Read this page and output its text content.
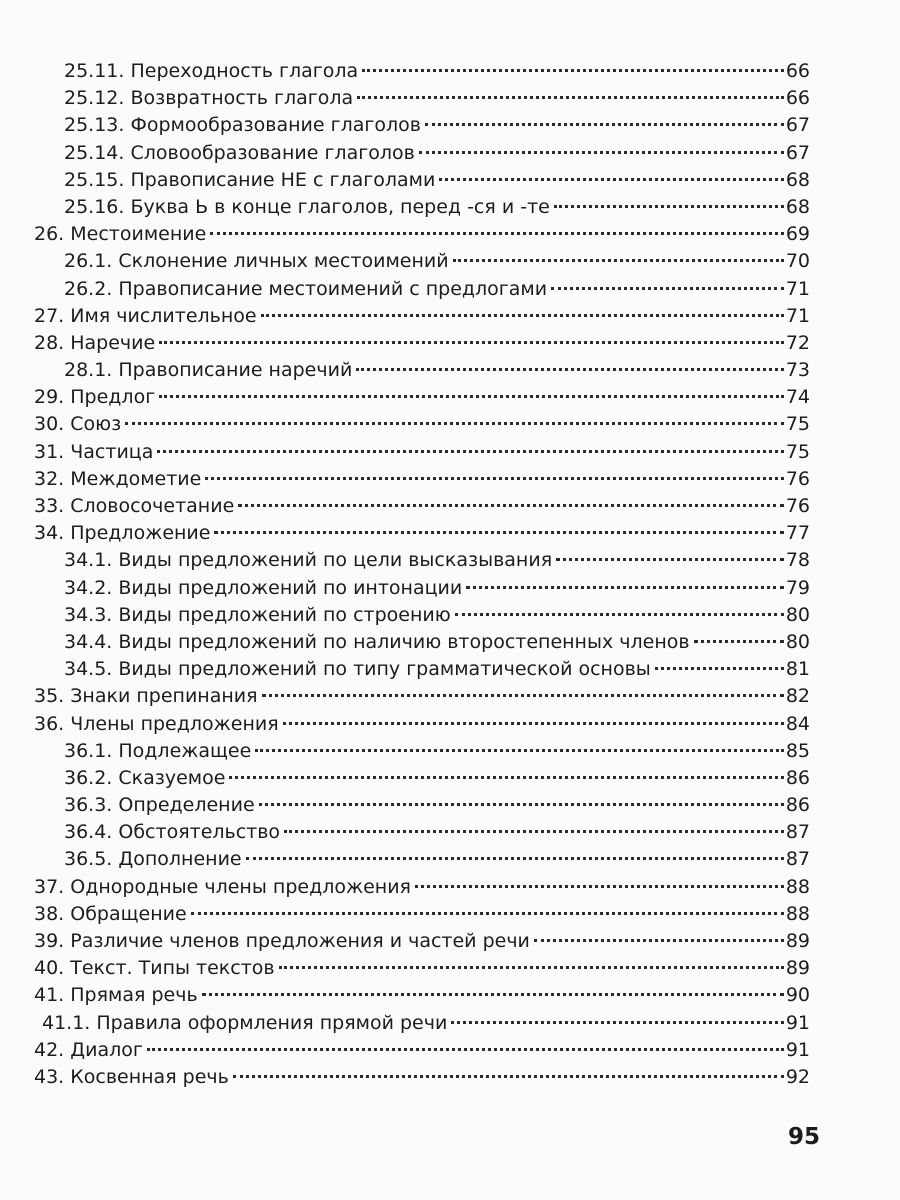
25.11. Переходность глагола	66
25.12. Возвратность глагола	66
25.13. Формообразование глаголов	67
25.14. Словообразование глаголов	67
25.15. Правописание НЕ с глаголами	68
25.16. Буква Ь в конце глаголов, перед -ся и -те	68
26. Местоимение	69
26.1. Склонение личных местоимений	70
26.2. Правописание местоимений с предлогами	71
27. Имя числительное	71
28. Наречие	72
28.1. Правописание наречий	73
29. Предлог	74
30. Союз	75
31. Частица	75
32. Междометие	76
33. Словосочетание	76
34. Предложение	77
34.1. Виды предложений по цели высказывания	78
34.2. Виды предложений по интонации	79
34.3. Виды предложений по строению	80
34.4. Виды предложений по наличию второстепенных членов	80
34.5. Виды предложений по типу грамматической основы	81
35. Знаки препинания	82
36. Члены предложения	84
36.1. Подлежащее	85
36.2. Сказуемое	86
36.3. Определение	86
36.4. Обстоятельство	87
36.5. Дополнение	87
37. Однородные члены предложения	88
38. Обращение	88
39. Различие членов предложения и частей речи	89
40. Текст. Типы текстов	89
41. Прямая речь	90
41.1. Правила оформления прямой речи	91
42. Диалог	91
43. Косвенная речь	92
95
